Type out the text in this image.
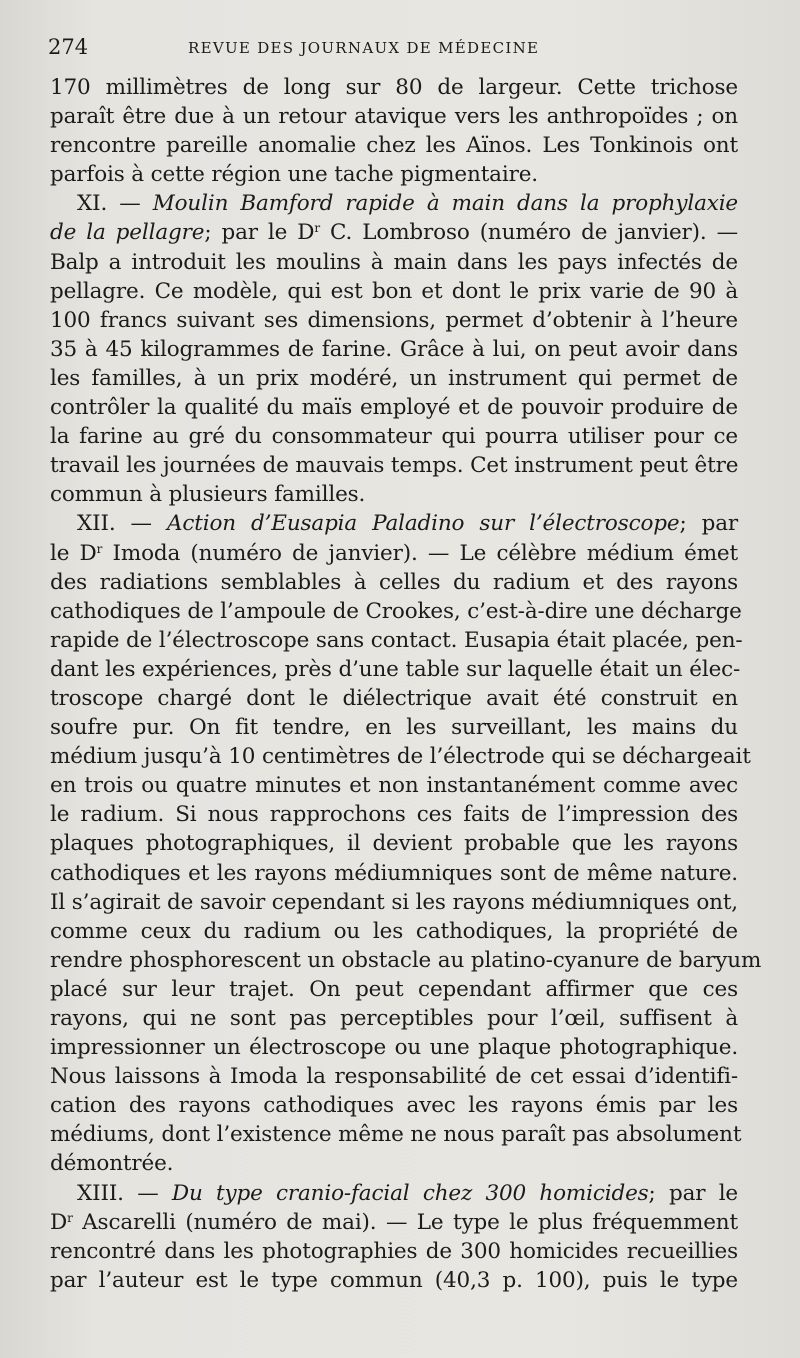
274	REVUE DES JOURNAUX DE MÉDECINE
170 millimètres de long sur 80 de largeur. Cette trichose
paraît être due à un retour atavique vers les anthropoïdes ; on
rencontre pareille anomalie chez les Aïnos. Les Tonkinois ont
parfois à cette région une tache pigmentaire.
XI. — Moulin Bamford rapide à main dans la prophylaxie
de la pellagre; par le $D^r$ C. Lombroso (numéro de janvier). —
Balp a introduit les moulins à main dans les pays infectés de
pellagre. Ce modèle, qui est bon et dont le prix varie de 90 à
100 francs suivant ses dimensions, permet d’obtenir à l’heure
35 à 45 kilogrammes de farine. Grâce à lui, on peut avoir dans
les familles, à un prix modéré, un instrument qui permet de
contrôler la qualité du maïs employé et de pouvoir produire de
la farine au gré du consommateur qui pourra utiliser pour ce
travail les journées de mauvais temps. Cet instrument peut être
commun à plusieurs familles.
XII. — Action d’Eusapia Paladino sur l’électroscope; par
le $D^r$ Imoda (numéro de janvier). — Le célèbre médium émet
des radiations semblables à celles du radium et des rayons
cathodiques de l’ampoule de Crookes, c’est-à-dire une décharge
rapide de l’électroscope sans contact. Eusapia était placée, pen-
dant les expériences, près d’une table sur laquelle était un élec-
troscope chargé dont le diélectrique avait été construit en
soufre pur. On fit tendre, en les surveillant, les mains du
médium jusqu’à 10 centimètres de l’électrode qui se déchargeait
en trois ou quatre minutes et non instantanément comme avec
le radium. Si nous rapprochons ces faits de l’impression des
plaques photographiques, il devient probable que les rayons
cathodiques et les rayons médiumniques sont de même nature.
Il s’agirait de savoir cependant si les rayons médiumniques ont,
comme ceux du radium ou les cathodiques, la propriété de
rendre phosphorescent un obstacle au platino-cyanure de baryum
placé sur leur trajet. On peut cependant affirmer que ces
rayons, qui ne sont pas perceptibles pour l’œil, suffisent à
impressionner un électroscope ou une plaque photographique.
Nous laissons à Imoda la responsabilité de cet essai d’identifi-
cation des rayons cathodiques avec les rayons émis par les
médiums, dont l’existence même ne nous paraît pas absolument
démontrée.
XIII. — Du type cranio-facial chez 300 homicides; par le
$D^r$ Ascarelli (numéro de mai). — Le type le plus fréquemment
rencontré dans les photographies de 300 homicides recueillies
par l’auteur est le type commun (40,3 p. 100), puis le type
